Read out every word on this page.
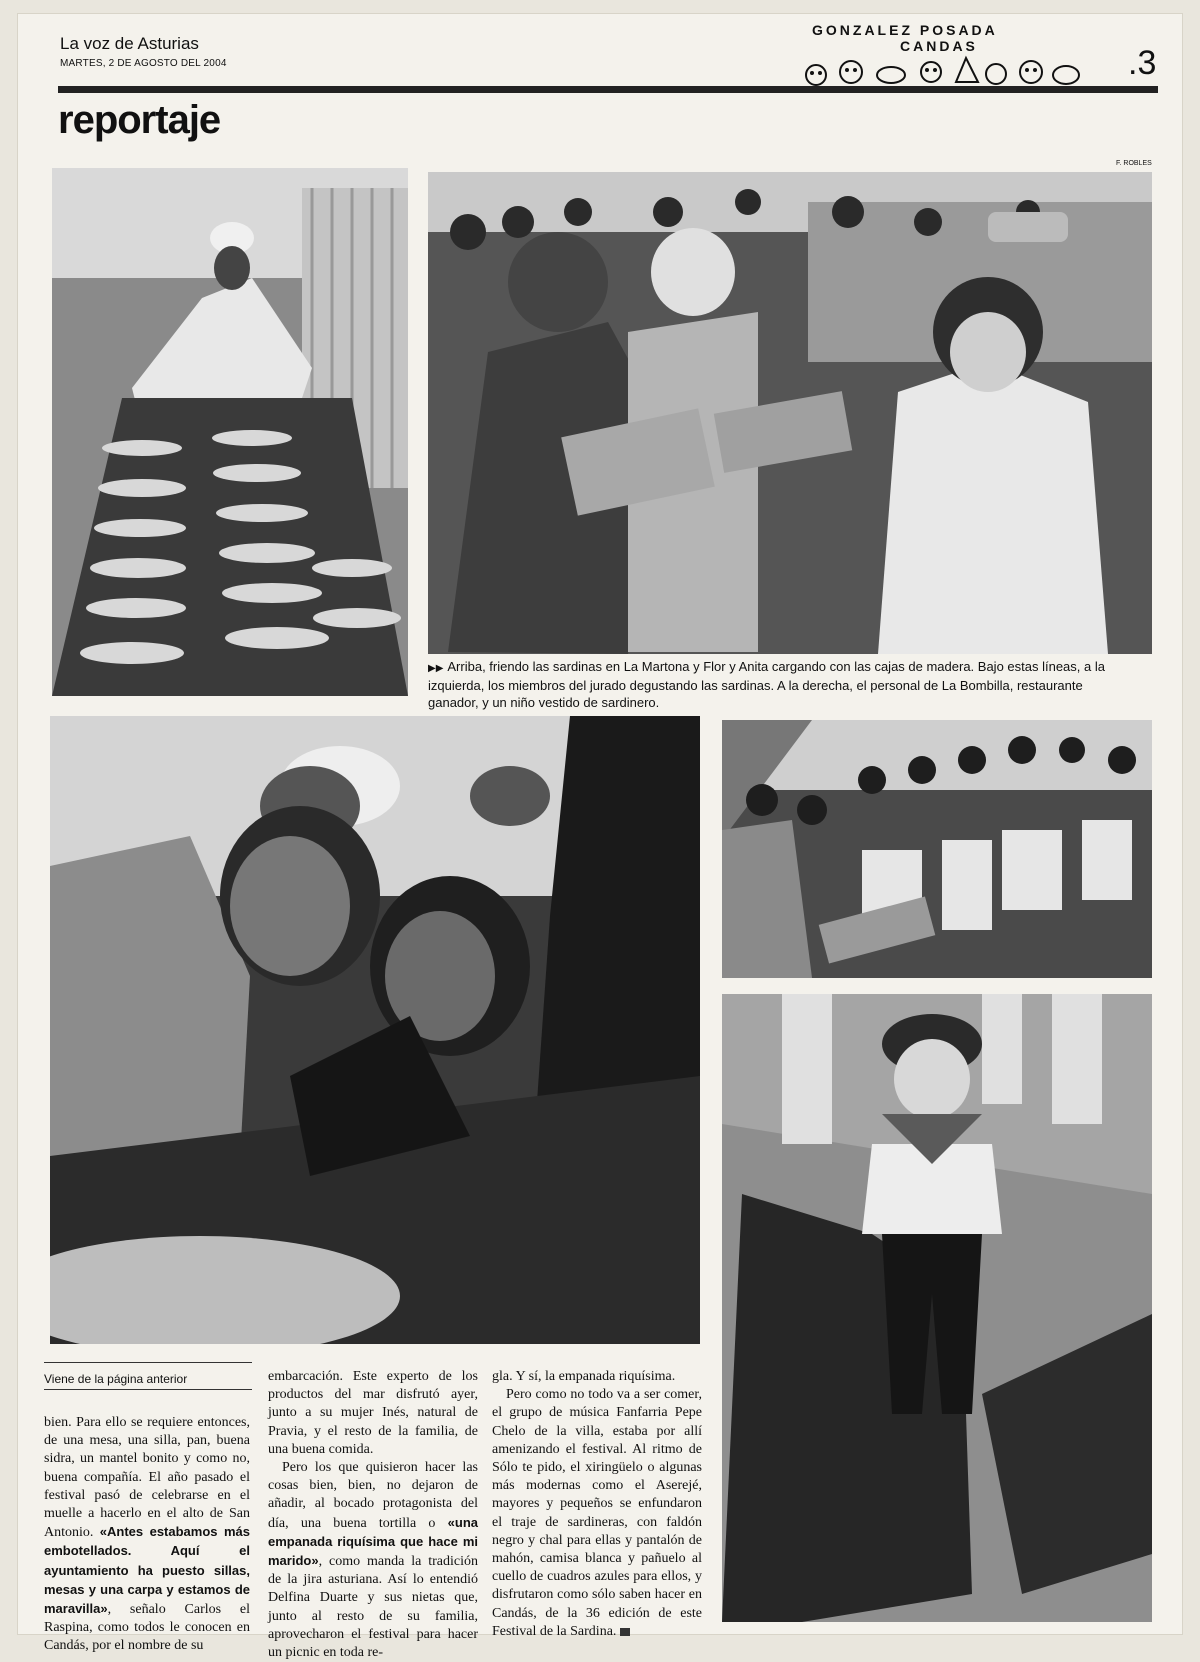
La voz de Asturias
MARTES, 2 DE AGOSTO DEL 2004
GONZALEZ POSADA
CANDAS	.3
reportaje
F. ROBLES
▶▶ Arriba, friendo las sardinas en La Martona y Flor y Anita cargando con las cajas de madera. Bajo estas líneas, a la izquierda, los miembros del jurado degustando las sardinas. A la derecha, el personal de La Bombilla, restaurante ganador, y un niño vestido de sardinero.
Viene de la página anterior

bien. Para ello se requiere entonces, de una mesa, una silla, pan, buena sidra, un mantel bonito y como no, buena compañía. El año pasado el festival pasó de celebrarse en el muelle a hacerlo en el alto de San Antonio. «Antes estabamos más embotellados. Aquí el ayuntamiento ha puesto sillas, mesas y una carpa y estamos de maravilla», señalo Carlos el Raspina, como todos le conocen en Candás, por el nombre de su

embarcación. Este experto de los productos del mar disfrutó ayer, junto a su mujer Inés, natural de Pravia, y el resto de la familia, de una buena comida.

Pero los que quisieron hacer las cosas bien, bien, no dejaron de añadir, al bocado protagonista del día, una buena tortilla o «una empanada riquísima que hace mi marido», como manda la tradición de la jira asturiana. Así lo entendió Delfina Duarte y sus nietas que, junto al resto de su familia, aprovecharon el festival para hacer un picnic en toda re-

gla. Y sí, la empanada riquísima.

Pero como no todo va a ser comer, el grupo de música Fanfarria Pepe Chelo de la villa, estaba por allí amenizando el festival. Al ritmo de Sólo te pido, el xiringüelo o algunas más modernas como el Aserejé, mayores y pequeños se enfundaron el traje de sardineras, con faldón negro y chal para ellas y pantalón de mahón, camisa blanca y pañuelo al cuello de cuadros azules para ellos, y disfrutaron como sólo saben hacer en Candás, de la 36 edición de este Festival de la Sardina.
